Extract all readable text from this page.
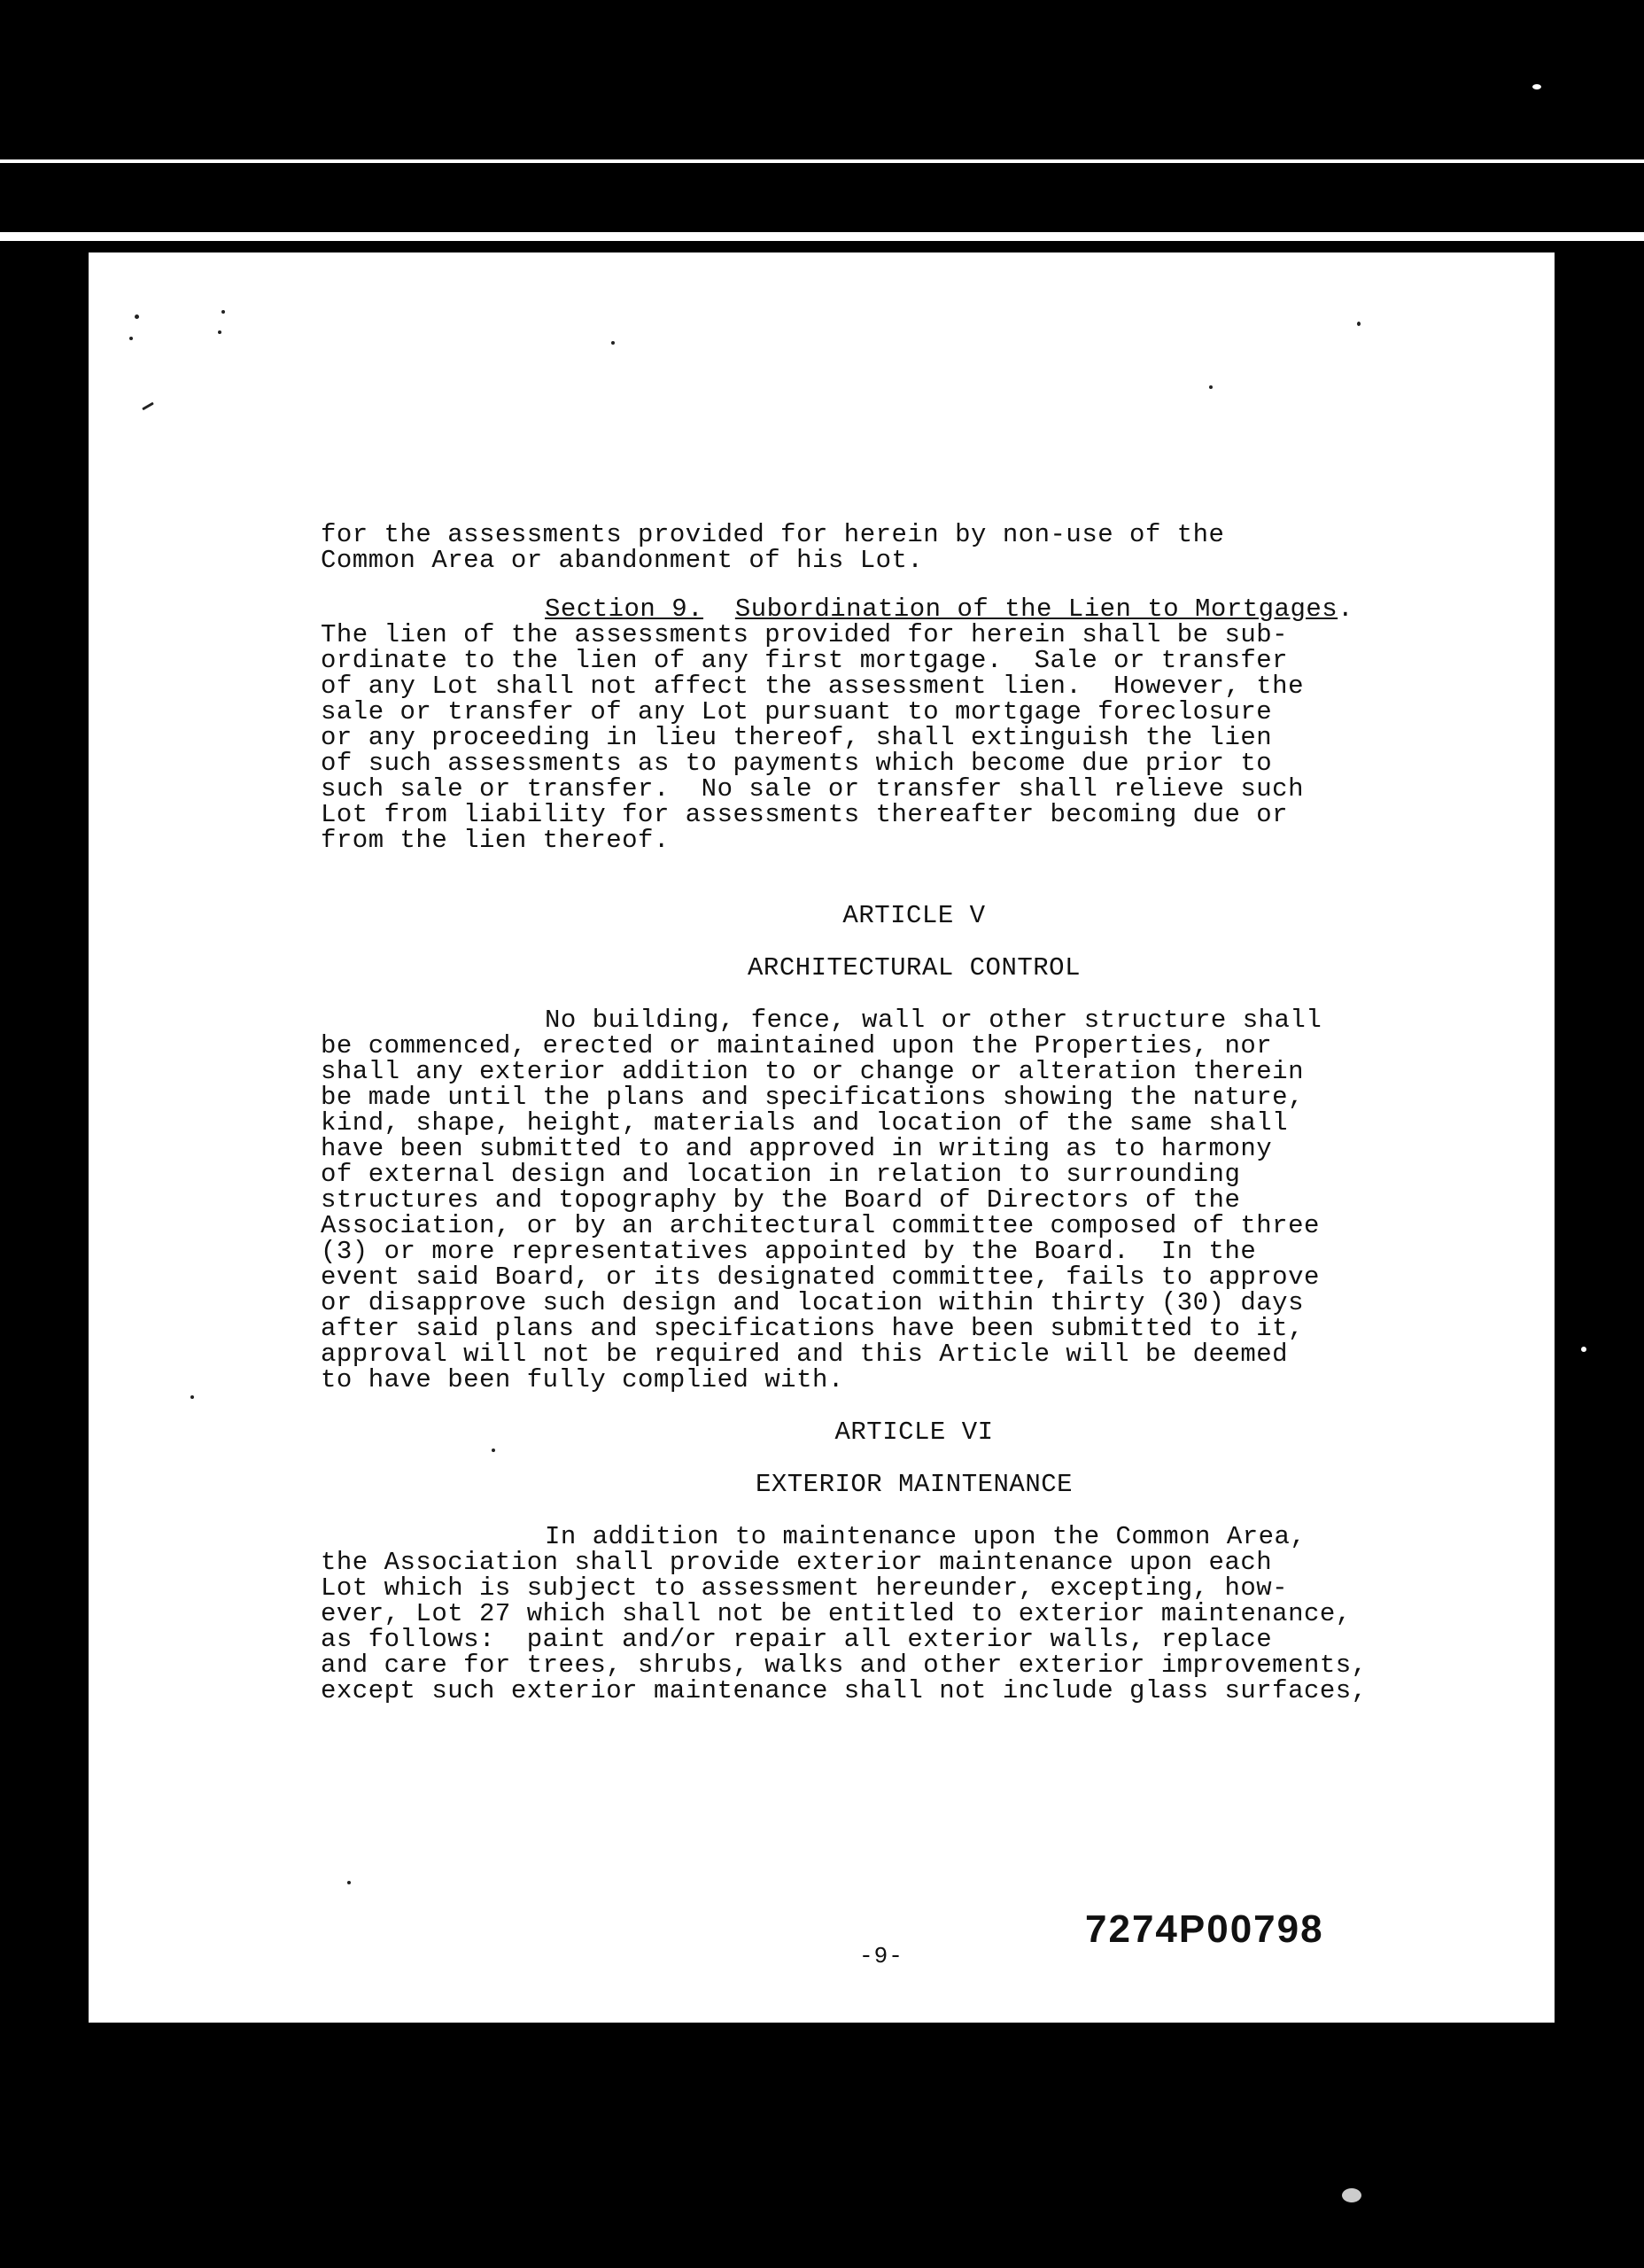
for the assessments provided for herein by non-use of the
Common Area or abandonment of his Lot.
Section 9. Subordination of the Lien to Mortgages.
The lien of the assessments provided for herein shall be sub-
ordinate to the lien of any first mortgage.  Sale or transfer
of any Lot shall not affect the assessment lien.  However, the
sale or transfer of any Lot pursuant to mortgage foreclosure
or any proceeding in lieu thereof, shall extinguish the lien
of such assessments as to payments which become due prior to
such sale or transfer.  No sale or transfer shall relieve such
Lot from liability for assessments thereafter becoming due or
from the lien thereof.
ARTICLE V
ARCHITECTURAL CONTROL
No building, fence, wall or other structure shall
be commenced, erected or maintained upon the Properties, nor
shall any exterior addition to or change or alteration therein
be made until the plans and specifications showing the nature,
kind, shape, height, materials and location of the same shall
have been submitted to and approved in writing as to harmony
of external design and location in relation to surrounding
structures and topography by the Board of Directors of the
Association, or by an architectural committee composed of three
(3) or more representatives appointed by the Board.  In the
event said Board, or its designated committee, fails to approve
or disapprove such design and location within thirty (30) days
after said plans and specifications have been submitted to it,
approval will not be required and this Article will be deemed
to have been fully complied with.
ARTICLE VI
EXTERIOR MAINTENANCE
In addition to maintenance upon the Common Area,
the Association shall provide exterior maintenance upon each
Lot which is subject to assessment hereunder, excepting, how-
ever, Lot 27 which shall not be entitled to exterior maintenance,
as follows:  paint and/or repair all exterior walls, replace
and care for trees, shrubs, walks and other exterior improvements,
except such exterior maintenance shall not include glass surfaces,
-9-
7274P00798
